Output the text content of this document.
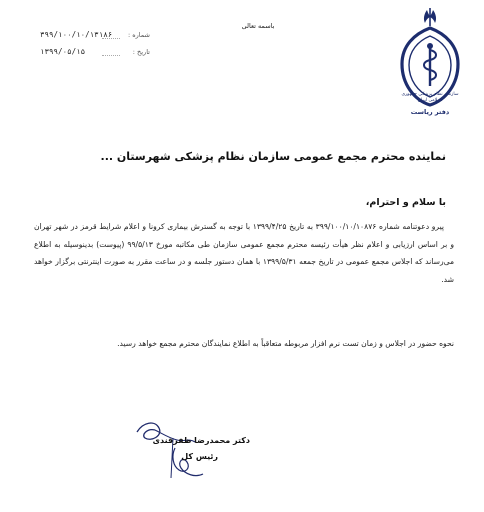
باسمه تعالی
شماره :
۳۹۹/۱۰۰/۱۰/۱۳۱۸۶
تاریخ :
۱۳۹۹/۰۵/۱۵
سازمان نظام پزشکی جمهوری اسلامی ایران
دفتر ریاست
نماینده محترم مجمع عمومی سازمان نظام پزشکی شهرستان ...
با سلام و احترام،
پیرو دعوتنامه شماره ۳۹۹/۱۰۰/۱۰/۱۰۸۷۶ به تاریخ ۱۳۹۹/۴/۲۵ با توجه به گسترش بیماری کرونا و اعلام شرایط قرمز در شهر تهران و بر اساس ارزیابی و اعلام نظر هیأت رئیسه محترم مجمع عمومی سازمان طی مکاتبه مورخ ۹۹/۵/۱۳ (پیوست) بدینوسیله به اطلاع می‌رساند که اجلاس مجمع عمومی در تاریخ جمعه ۱۳۹۹/۵/۳۱ با همان دستور جلسه و در ساعت مقرر به صورت اینترنتی برگزار خواهد شد.
نحوه حضور در اجلاس و زمان تست نرم افزار مربوطه متعاقباً به اطلاع نمایندگان محترم مجمع خواهد رسید.
دکتر محمدرضا ظفرقندی
رئیس کل
